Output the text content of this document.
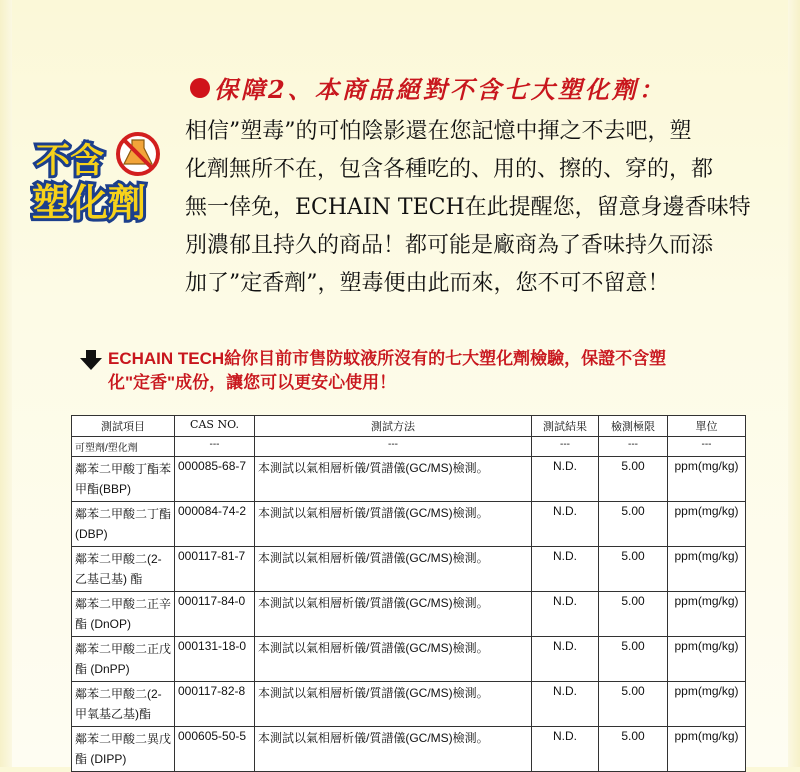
不含
塑化劑
保障2、本商品絕對不含七大塑化劑：

相信”塑毒”的可怕陰影還在您記憶中揮之不去吧，塑

化劑無所不在，包含各種吃的、用的、擦的、穿的，都

無一倖免，ECHAIN TECH在此提醒您，留意身邊香味特

別濃郁且持久的商品！都可能是廠商為了香味持久而添

加了”定香劑”，塑毒便由此而來，您不可不留意！

ECHAIN TECH給你目前市售防蚊液所沒有的七大塑化劑檢驗，保證不含塑
化"定香"成份，讓您可以更安心使用！
測試項目	CAS NO.	測試方法	測試結果	檢測極限	單位
可塑劑/塑化劑	---	---	---	---	---
鄰苯二甲酸丁酯苯甲酯(BBP)	000085-68-7	本測試以氣相層析儀/質譜儀(GC/MS)檢測。	N.D.	5.00	ppm(mg/kg)
鄰苯二甲酸二丁酯 (DBP)	000084-74-2	本測試以氣相層析儀/質譜儀(GC/MS)檢測。	N.D.	5.00	ppm(mg/kg)
鄰苯二甲酸二(2-乙基己基) 酯	000117-81-7	本測試以氣相層析儀/質譜儀(GC/MS)檢測。	N.D.	5.00	ppm(mg/kg)
鄰苯二甲酸二正辛酯 (DnOP)	000117-84-0	本測試以氣相層析儀/質譜儀(GC/MS)檢測。	N.D.	5.00	ppm(mg/kg)
鄰苯二甲酸二正戊酯 (DnPP)	000131-18-0	本測試以氣相層析儀/質譜儀(GC/MS)檢測。	N.D.	5.00	ppm(mg/kg)
鄰苯二甲酸二(2-甲氧基乙基)酯	000117-82-8	本測試以氣相層析儀/質譜儀(GC/MS)檢測。	N.D.	5.00	ppm(mg/kg)
鄰苯二甲酸二異戊酯 (DIPP)	000605-50-5	本測試以氣相層析儀/質譜儀(GC/MS)檢測。	N.D.	5.00	ppm(mg/kg)
